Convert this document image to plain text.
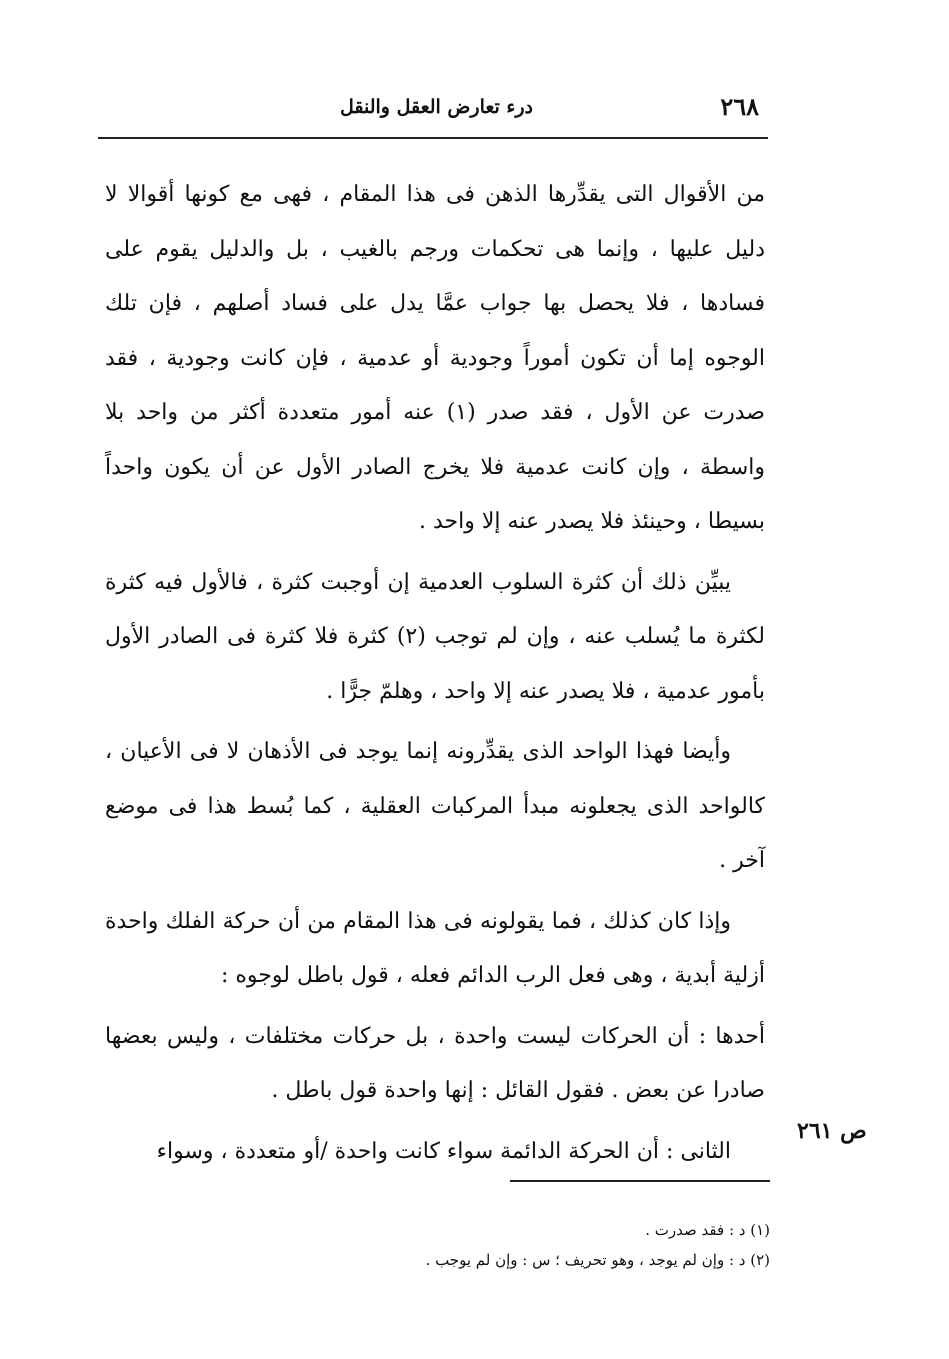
٢٦٨
درء تعارض العقل والنقل

من الأقوال التى يقدِّرها الذهن فى هذا المقام ، فهى مع كونها أقوالا لا دليل عليها ، وإنما هى تحكمات ورجم بالغيب ، بل والدليل يقوم على فسادها ، فلا يحصل بها جواب عمَّا يدل على فساد أصلهم ، فإن تلك الوجوه إما أن تكون أموراً وجودية أو عدمية ، فإن كانت وجودية ، فقد صدرت عن الأول ، فقد صدر (١) عنه أمور متعددة أكثر من واحد بلا واسطة ، وإن كانت عدمية فلا يخرج الصادر الأول عن أن يكون واحداً بسيطا ، وحينئذ فلا يصدر عنه إلا واحد .

يبيِّن ذلك أن كثرة السلوب العدمية إن أوجبت كثرة ، فالأول فيه كثرة لكثرة ما يُسلب عنه ، وإن لم توجب (٢) كثرة فلا كثرة فى الصادر الأول بأمور عدمية ، فلا يصدر عنه إلا واحد ، وهلمّ جرًّا .

وأيضا فهذا الواحد الذى يقدِّرونه إنما يوجد فى الأذهان لا فى الأعيان ، كالواحد الذى يجعلونه مبدأ المركبات العقلية ، كما بُسط هذا فى موضع آخر .

وإذا كان كذلك ، فما يقولونه فى هذا المقام من أن حركة الفلك واحدة أزلية أبدية ، وهى فعل الرب الدائم فعله ، قول باطل لوجوه :

أحدها : أن الحركات ليست واحدة ، بل حركات مختلفات ، وليس بعضها صادرا عن بعض . فقول القائل : إنها واحدة قول باطل .

الثانى : أن الحركة الدائمة سواء كانت واحدة /أو متعددة ، وسواء

ص ٢٦١

(١) د : فقد صدرت .

(٢) د : وإن لم يوجد ، وهو تحريف ؛ س : وإن لم يوجب .
